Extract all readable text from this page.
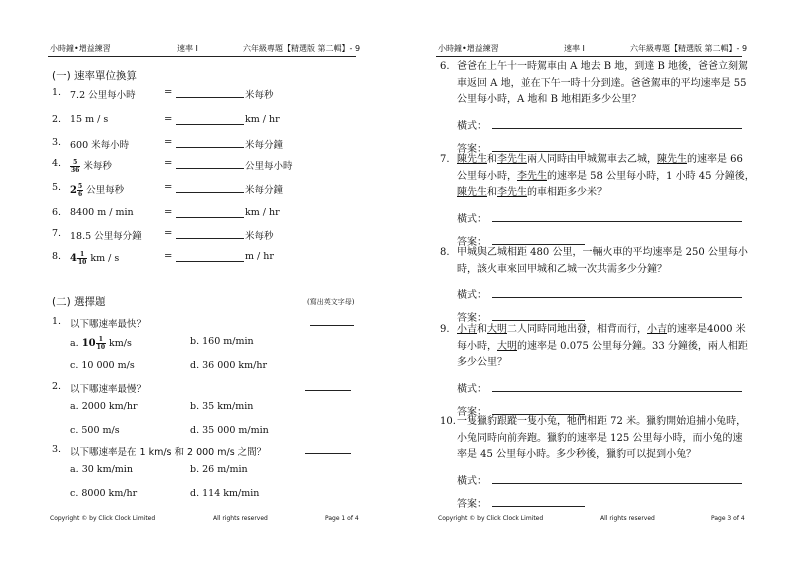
小時鐘•增益練習	速率 I	六年級專題【精選版 第二輯】- 9
(一) 速率單位換算
1. 7.2 公里每小時	=	米每秒
2. 15 m / s	=	km / hr
3. 600 米每小時	=	米每分鐘
4. $\frac{5}{36}$ 米每秒	=	公里每小時
5. $2 \frac{5}{6}$ 公里每秒	=	米每分鐘
6. 8400 m / min	=	km / hr
7. 18.5 公里每分鐘 =	米每秒
8. $4 \frac{1}{10}$ km / s	=	m / hr
(二) 選擇題	(寫出英文字母)
1. 以下哪速率最快？
a. $10 \frac{1}{10} km/s$	b. 160 m/min
c. 10 000 m/s	d. 36 000 km/hr
2. 以下哪速率最慢？
a. 2000 km/hr	b. 35 km/min
c. 500 m/s	d. 35 000 m/min
3. 以下哪速率是在 1 km/s 和 2 000 m/s 之間？
a. 30 km/min	b. 26 m/min
c. 8000 km/hr	d. 114 km/min
Copyright © by Click Clock Limited	All rights reserved	Page 1 of 4
小時鐘•增益練習	速率 I	六年級專題【精選版 第二輯】- 9
6. 爸爸在上午十一時駕車由 A 地去 B 地，到達 B 地後，爸爸立刻駕
車返回 A 地，並在下午一時十分到達。爸爸駕車的平均速率是 55
公里每小時，A 地和 B 地相距多少公里？
橫式：
答案：
7. 陳先生和李先生兩人同時由甲城駕車去乙城，陳先生的速率是 66
公里每小時，李先生的速率是 58 公里每小時，1 小時 45 分鐘後，
陳先生和李先生的車相距多少米？
橫式：
答案：
8. 甲城與乙城相距 480 公里，一輛火車的平均速率是 250 公里每小
時，該火車來回甲城和乙城一次共需多少分鐘？
橫式：
答案：
9. 小吉和大明二人同時同地出發，相背而行，小吉的速率是4000 米
每小時，大明的速率是 0.075 公里每分鐘。33 分鐘後，兩人相距
多少公里？
橫式：
答案：
10. 一隻獵豹跟蹤一隻小兔，牠們相距 72 米。獵豹開始追捕小兔時，
小兔同時向前奔跑。獵豹的速率是 125 公里每小時，而小兔的速
率是 45 公里每小時。多少秒後，獵豹可以捉到小兔？
橫式：
答案：
Copyright © by Click Clock Limited	All rights reserved	Page 3 of 4
